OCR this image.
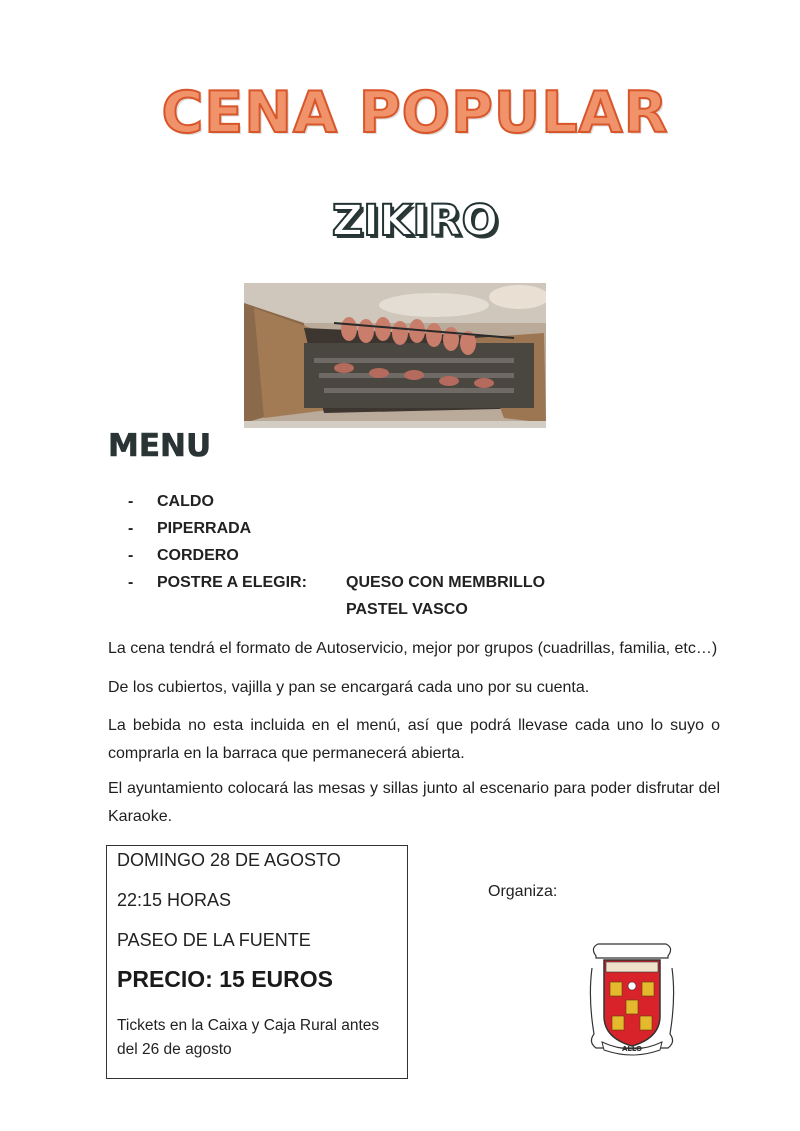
CENA POPULAR
ZIKIRO
MENU
- CALDO
- PIPERRADA
- CORDERO
- POSTRE A ELEGIR: QUESO CON MEMBRILLO
PASTEL VASCO
La cena tendrá el formato de Autoservicio, mejor por grupos (cuadrillas, familia, etc…)
De los cubiertos, vajilla y pan se encargará cada uno por su cuenta.
La bebida no esta incluida en el menú, así que podrá llevase cada uno lo suyo o comprarla en la barraca que permanecerá abierta.
El ayuntamiento colocará las mesas y sillas junto al escenario para poder disfrutar del Karaoke.
DOMINGO 28 DE AGOSTO
22:15 HORAS
PASEO DE LA FUENTE
PRECIO: 15 EUROS
Tickets en la Caixa y Caja Rural antes del 26 de agosto
Organiza:
ALLO
